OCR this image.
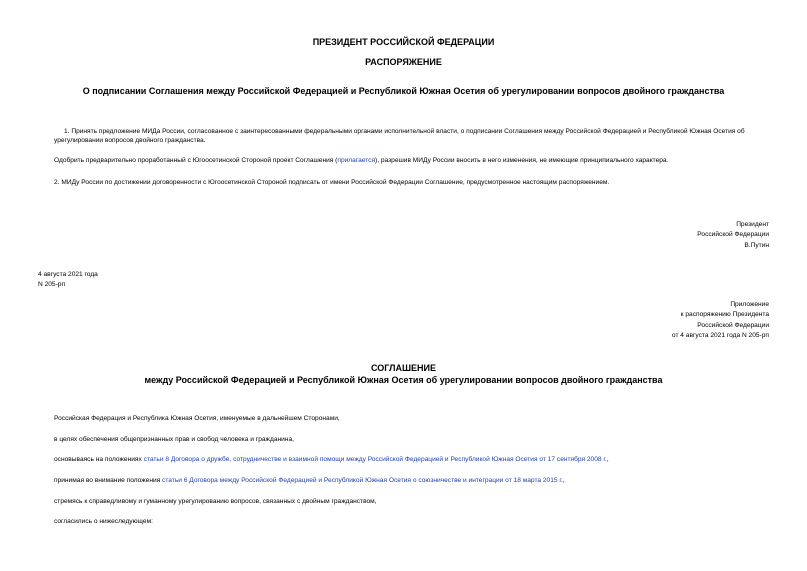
ПРЕЗИДЕНТ РОССИЙСКОЙ ФЕДЕРАЦИИ
РАСПОРЯЖЕНИЕ
О подписании Соглашения между Российской Федерацией и Республикой Южная Осетия об урегулировании вопросов двойного гражданства
1. Принять предложение МИДа России, согласованное с заинтересованными федеральными органами исполнительной власти, о подписании Соглашения между Российской Федерацией и Республикой Южная Осетия об урегулировании вопросов двойного гражданства.
Одобрить предварительно проработанный с Югоосетинской Стороной проект Соглашения (прилагается), разрешив МИДу России вносить в него изменения, не имеющие принципиального характера.
2. МИДу России по достижении договоренности с Югоосетинской Стороной подписать от имени Российской Федерации Соглашение, предусмотренное настоящим распоряжением.
Президент
Российской Федерации
В.Путин
4 августа 2021 года
N 205-рп
Приложение
к распоряжению Президента
Российской Федерации
от 4 августа 2021 года N 205-рп
СОГЛАШЕНИЕ
между Российской Федерацией и Республикой Южная Осетия об урегулировании вопросов двойного гражданства
Российская Федерация и Республика Южная Осетия, именуемые в дальнейшем Сторонами,
в целях обеспечения общепризнанных прав и свобод человека и гражданина,
основываясь на положениях статьи 8 Договора о дружбе, сотрудничестве и взаимной помощи между Российской Федерацией и Республикой Южная Осетия от 17 сентября 2008 г.,
принимая во внимание положения статьи 6 Договора между Российской Федерацией и Республикой Южная Осетия о союзничестве и интеграции от 18 марта 2015 г.,
стремясь к справедливому и гуманному урегулированию вопросов, связанных с двойным гражданством,
согласились о нижеследующем:
